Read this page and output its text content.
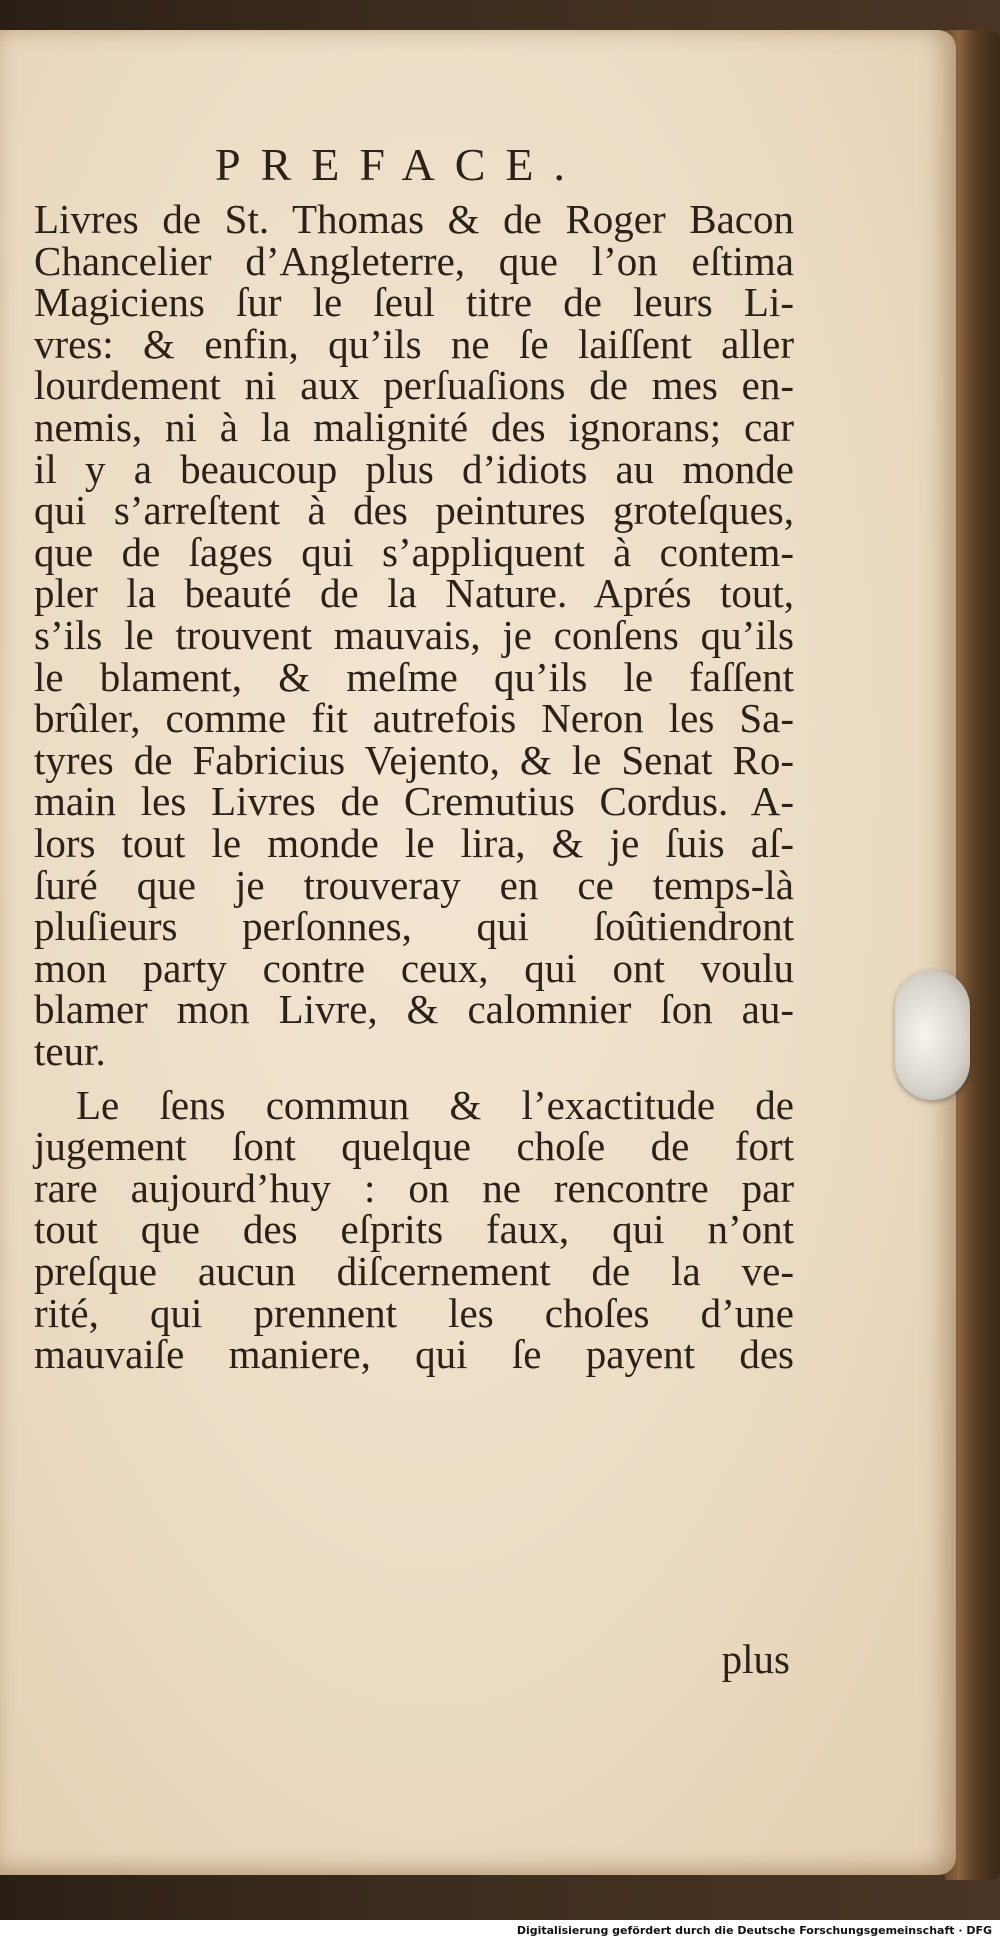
PREFACE.
Livres de St. Thomas & de Roger Bacon
Chancelier d’Angleterre, que l’on eſtima
Magiciens ſur le ſeul titre de leurs Li-
vres: & enfin, qu’ils ne ſe laiſſent aller
lourdement ni aux perſuaſions de mes en-
nemis, ni à la malignité des ignorans; car
il y a beaucoup plus d’idiots au monde
qui s’arreſtent à des peintures groteſques,
que de ſages qui s’appliquent à contem-
pler la beauté de la Nature. Aprés tout,
s’ils le trouvent mauvais, je conſens qu’ils
le blament, & meſme qu’ils le faſſent
brûler, comme fit autrefois Neron les Sa-
tyres de Fabricius Vejento, & le Senat Ro-
main les Livres de Cremutius Cordus. A-
lors tout le monde le lira, & je ſuis aſ-
ſuré que je trouveray en ce temps-là
pluſieurs perſonnes, qui ſoûtiendront
mon party contre ceux, qui ont voulu
blamer mon Livre, & calomnier ſon au-
teur.
Le ſens commun & l’exactitude de
jugement ſont quelque choſe de fort
rare aujourd’huy : on ne rencontre par
tout que des eſprits faux, qui n’ont
preſque aucun diſcernement de la ve-
rité, qui prennent les choſes d’une
mauvaiſe maniere, qui ſe payent des
plus
Digitalisierung gefördert durch die Deutsche Forschungsgemeinschaft · DFG
